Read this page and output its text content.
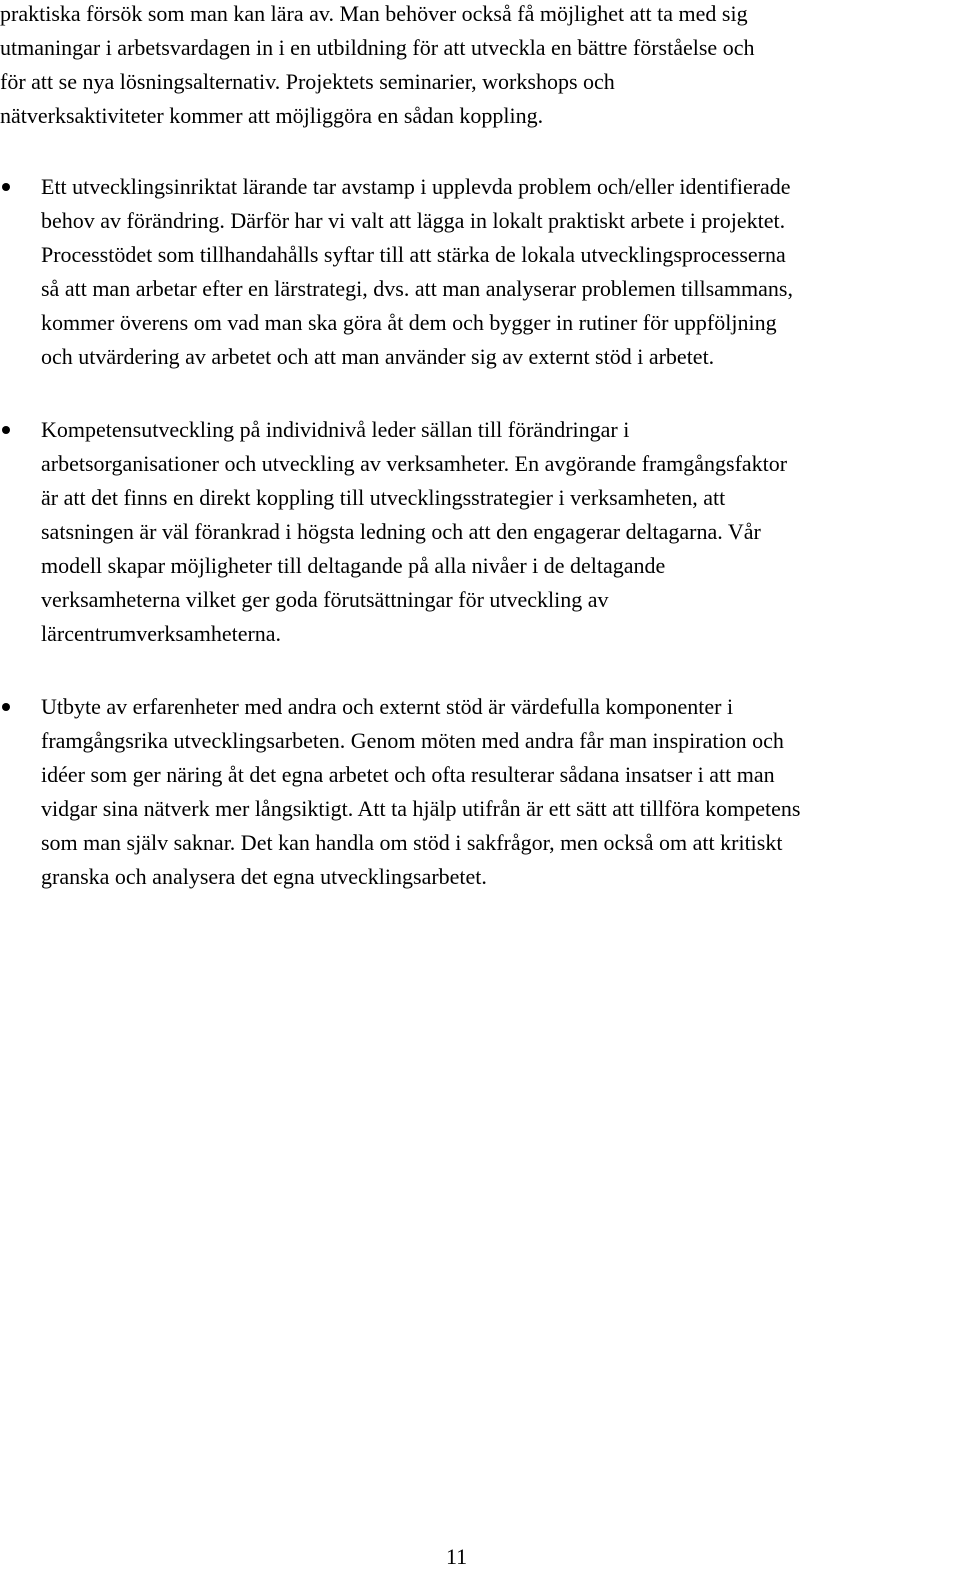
praktiska försök som man kan lära av. Man behöver också få möjlighet att ta med sig
utmaningar i arbetsvardagen in i en utbildning för att utveckla en bättre förståelse och
för att se nya lösningsalternativ. Projektets seminarier, workshops och
nätverksaktiviteter kommer att möjliggöra en sådan koppling.
Ett utvecklingsinriktat lärande tar avstamp i upplevda problem och/eller identifierade
behov av förändring. Därför har vi valt att lägga in lokalt praktiskt arbete i projektet.
Processtödet som tillhandahålls syftar till att stärka de lokala utvecklingsprocesserna
så att man arbetar efter en lärstrategi, dvs. att man analyserar problemen tillsammans,
kommer överens om vad man ska göra åt dem och bygger in rutiner för uppföljning
och utvärdering av arbetet och att man använder sig av externt stöd i arbetet.
Kompetensutveckling på individnivå leder sällan till förändringar i
arbetsorganisationer och utveckling av verksamheter. En avgörande framgångsfaktor
är att det finns en direkt koppling till utvecklingsstrategier i verksamheten, att
satsningen är väl förankrad i högsta ledning och att den engagerar deltagarna. Vår
modell skapar möjligheter till deltagande på alla nivåer i de deltagande
verksamheterna vilket ger goda förutsättningar för utveckling av
lärcentrumverksamheterna.
Utbyte av erfarenheter med andra och externt stöd är värdefulla komponenter i
framgångsrika utvecklingsarbeten. Genom möten med andra får man inspiration och
idéer som ger näring åt det egna arbetet och ofta resulterar sådana insatser i att man
vidgar sina nätverk mer långsiktigt. Att ta hjälp utifrån är ett sätt att tillföra kompetens
som man själv saknar. Det kan handla om stöd i sakfrågor, men också om att kritiskt
granska och analysera det egna utvecklingsarbetet.
11
